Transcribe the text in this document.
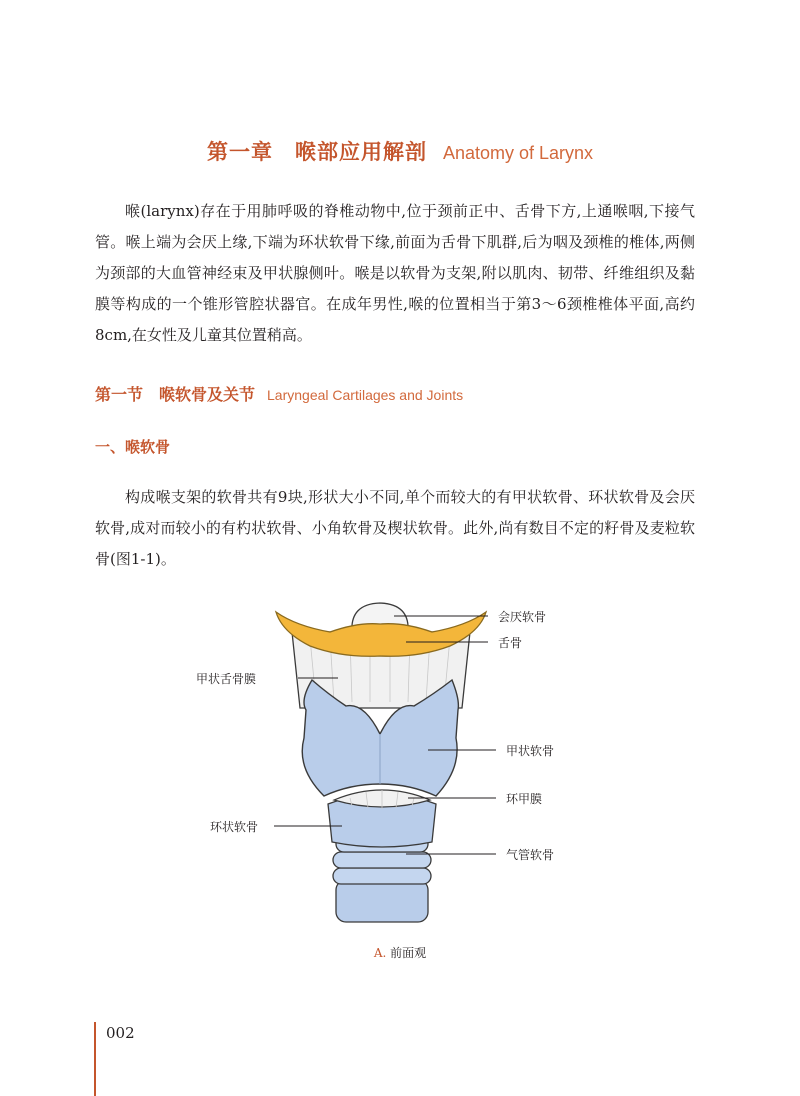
第一章　喉部应用解剖 Anatomy of Larynx

喉(larynx)存在于用肺呼吸的脊椎动物中,位于颈前正中、舌骨下方,上通喉咽,下接气管。喉上端为会厌上缘,下端为环状软骨下缘,前面为舌骨下肌群,后为咽及颈椎的椎体,两侧为颈部的大血管神经束及甲状腺侧叶。喉是以软骨为支架,附以肌肉、韧带、纤维组织及黏膜等构成的一个锥形管腔状器官。在成年男性,喉的位置相当于第3～6颈椎椎体平面,高约8cm,在女性及儿童其位置稍高。

第一节　喉软骨及关节 Laryngeal Cartilages and Joints
一、喉软骨

构成喉支架的软骨共有9块,形状大小不同,单个而较大的有甲状软骨、环状软骨及会厌软骨,成对而较小的有杓状软骨、小角软骨及楔状软骨。此外,尚有数目不定的籽骨及麦粒软骨(图1-1)。

会厌软骨
舌骨
甲状舌骨膜
甲状软骨
环甲膜
环状软骨
气管软骨
A. 前面观
002
